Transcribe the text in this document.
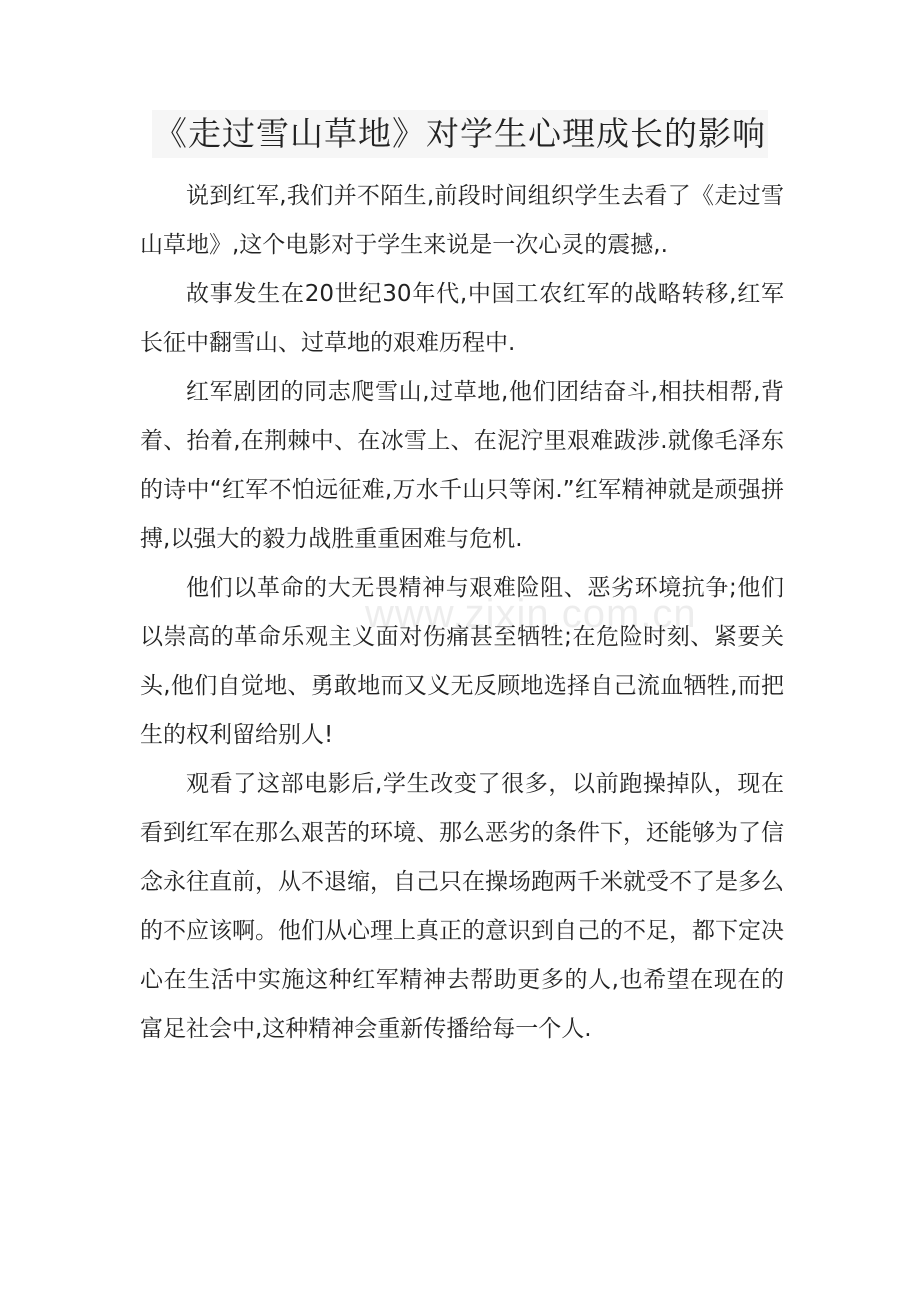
《走过雪山草地》对学生心理成长的影响

说到红军,我们并不陌生,前段时间组织学生去看了《走过雪山草地》,这个电影对于学生来说是一次心灵的震撼,.

故事发生在20世纪30年代,中国工农红军的战略转移,红军长征中翻雪山、过草地的艰难历程中.

红军剧团的同志爬雪山,过草地,他们团结奋斗,相扶相帮,背着、抬着,在荆棘中、在冰雪上、在泥泞里艰难跋涉.就像毛泽东的诗中“红军不怕远征难,万水千山只等闲.”红军精神就是顽强拼搏,以强大的毅力战胜重重困难与危机.

他们以革命的大无畏精神与艰难险阻、恶劣环境抗争;他们以崇高的革命乐观主义面对伤痛甚至牺牲;在危险时刻、紧要关头,他们自觉地、勇敢地而又义无反顾地选择自己流血牺牲,而把生的权利留给别人!

观看了这部电影后,学生改变了很多，以前跑操掉队，现在看到红军在那么艰苦的环境、那么恶劣的条件下，还能够为了信念永往直前，从不退缩，自己只在操场跑两千米就受不了是多么的不应该啊。他们从心理上真正的意识到自己的不足，都下定决心在生活中实施这种红军精神去帮助更多的人,也希望在现在的富足社会中,这种精神会重新传播给每一个人.

www.zixin.com.cn
